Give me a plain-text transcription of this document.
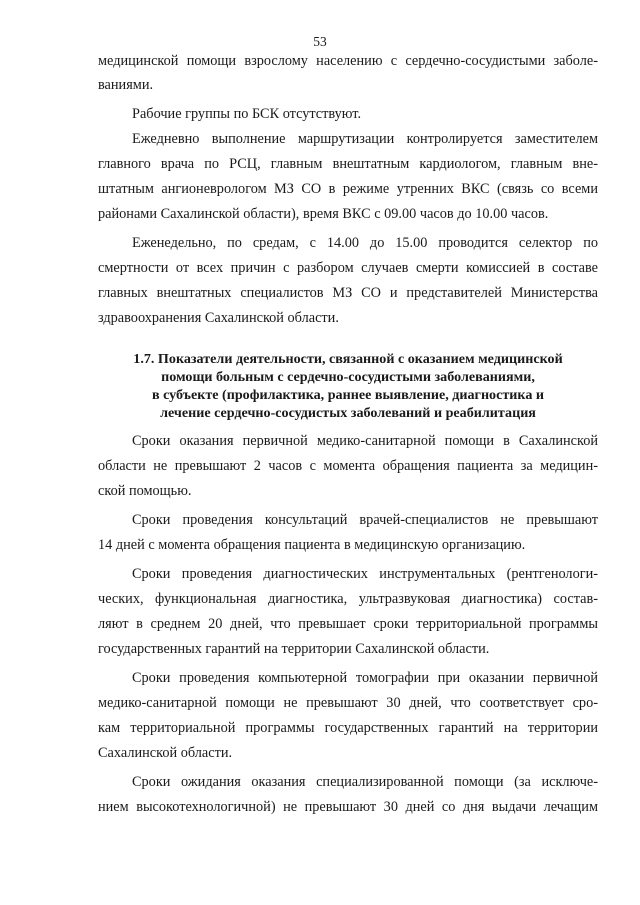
53
медицинской помощи взрослому населению с сердечно-сосудистыми заболе-
ваниями.
Рабочие группы по БСК отсутствуют.
Ежедневно выполнение маршрутизации контролируется заместителем
главного врача по РСЦ, главным внештатным кардиологом, главным вне-
штатным ангионеврологом МЗ СО в режиме утренних ВКС (связь со всеми
районами Сахалинской области), время ВКС с 09.00 часов до 10.00 часов.
Еженедельно, по средам, с 14.00 до 15.00 проводится селектор по
смертности от всех причин с разбором случаев смерти комиссией в составе
главных внештатных специалистов МЗ СО и представителей Министерства
здравоохранения Сахалинской области.
1.7. Показатели деятельности, связанной с оказанием медицинской
помощи больным с сердечно-сосудистыми заболеваниями,
в субъекте (профилактика, раннее выявление, диагностика и
лечение сердечно-сосудистых заболеваний и реабилитация
Сроки оказания первичной медико-санитарной помощи в Сахалинской
области не превышают 2 часов с момента обращения пациента за медицин-
ской помощью.
Сроки проведения консультаций врачей-специалистов не превышают
14 дней с момента обращения пациента в медицинскую организацию.
Сроки проведения диагностических инструментальных (рентгенологи-
ческих, функциональная диагностика, ультразвуковая диагностика) состав-
ляют в среднем 20 дней, что превышает сроки территориальной программы
государственных гарантий на территории Сахалинской области.
Сроки проведения компьютерной томографии при оказании первичной
медико-санитарной помощи не превышают 30 дней, что соответствует сро-
кам территориальной программы государственных гарантий на территории
Сахалинской области.
Сроки ожидания оказания специализированной помощи (за исключе-
нием высокотехнологичной) не превышают 30 дней со дня выдачи лечащим
